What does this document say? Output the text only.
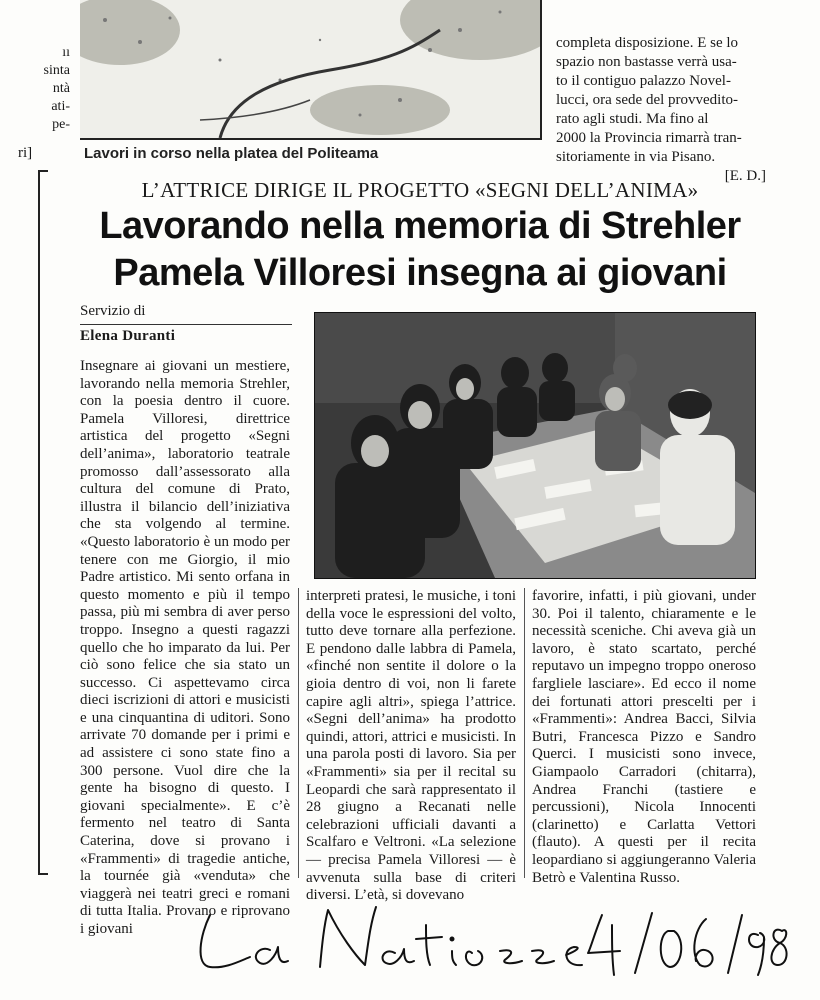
ıı
sinta
ntà
ati-
pe-
ri]	Lavori in corso nella platea del Politeama
completa disposizione. E se lo
spazio non bastasse verrà usa-
to il contiguo palazzo Novel-
lucci, ora sede del provvedito-
rato agli studi. Ma fino al
2000 la Provincia rimarrà tran-
sitoriamente in via Pisano.
[E. D.]
L’ATTRICE DIRIGE IL PROGETTO «SEGNI DELL’ANIMA»
Lavorando nella memoria di Strehler
Pamela Villoresi insegna ai giovani
Servizio di
Elena Duranti
Insegnare ai giovani un mestiere, lavorando nella memoria Strehler, con la poesia dentro il cuore. Pamela Villoresi, direttrice artistica del progetto «Segni dell’anima», laboratorio teatrale promosso dall’assessorato alla cultura del comune di Prato, illustra il bilancio dell’iniziativa che sta volgendo al termine. «Questo laboratorio è un modo per tenere con me Giorgio, il mio Padre artistico. Mi sento orfana in questo momento e più il tempo passa, più mi sembra di aver perso troppo. Insegno a questi ragazzi quello che ho imparato da lui. Per ciò sono felice che sia stato un successo. Ci aspettevamo circa dieci iscrizioni di attori e musicisti e una cinquantina di uditori. Sono arrivate 70 domande per i primi e ad assistere ci sono state fino a 300 persone. Vuol dire che la gente ha bisogno di questo. I giovani specialmente». E c’è fermento nel teatro di Santa Caterina, dove si provano i «Frammenti» di tragedie antiche, la tournée già «venduta» che viaggerà nei teatri greci e romani di tutta Italia. Provano e riprovano i giovani
interpreti pratesi, le musiche, i toni della voce le espressioni del volto, tutto deve tornare alla perfezione. E pendono dalle labbra di Pamela, «finché non sentite il dolore o la gioia dentro di voi, non li farete capire agli altri», spiega l’attrice. «Segni dell’anima» ha prodotto quindi, attori, attrici e musicisti. In una parola posti di lavoro. Sia per «Frammenti» sia per il recital su Leopardi che sarà rappresentato il 28 giugno a Recanati nelle celebrazioni ufficiali davanti a Scalfaro e Veltroni. «La selezione — precisa Pamela Villoresi — è avvenuta sulla base di criteri diversi. L’età, si dovevano
favorire, infatti, i più giovani, under 30. Poi il talento, chiaramente e le necessità sceniche. Chi aveva già un lavoro, è stato scartato, perché reputavo un impegno troppo oneroso fargliele lasciare». Ed ecco il nome dei fortunati attori prescelti per i «Frammenti»: Andrea Bacci, Silvia Butri, Francesca Pizzo e Sandro Querci. I musicisti sono invece, Giampaolo Carradori (chitarra), Andrea Franchi (tastiere e percussioni), Nicola Innocenti (clarinetto) e Carlatta Vettori (flauto). A questi per il recita leopardiano si aggiungeranno Valeria Betrò e Valentina Russo.
